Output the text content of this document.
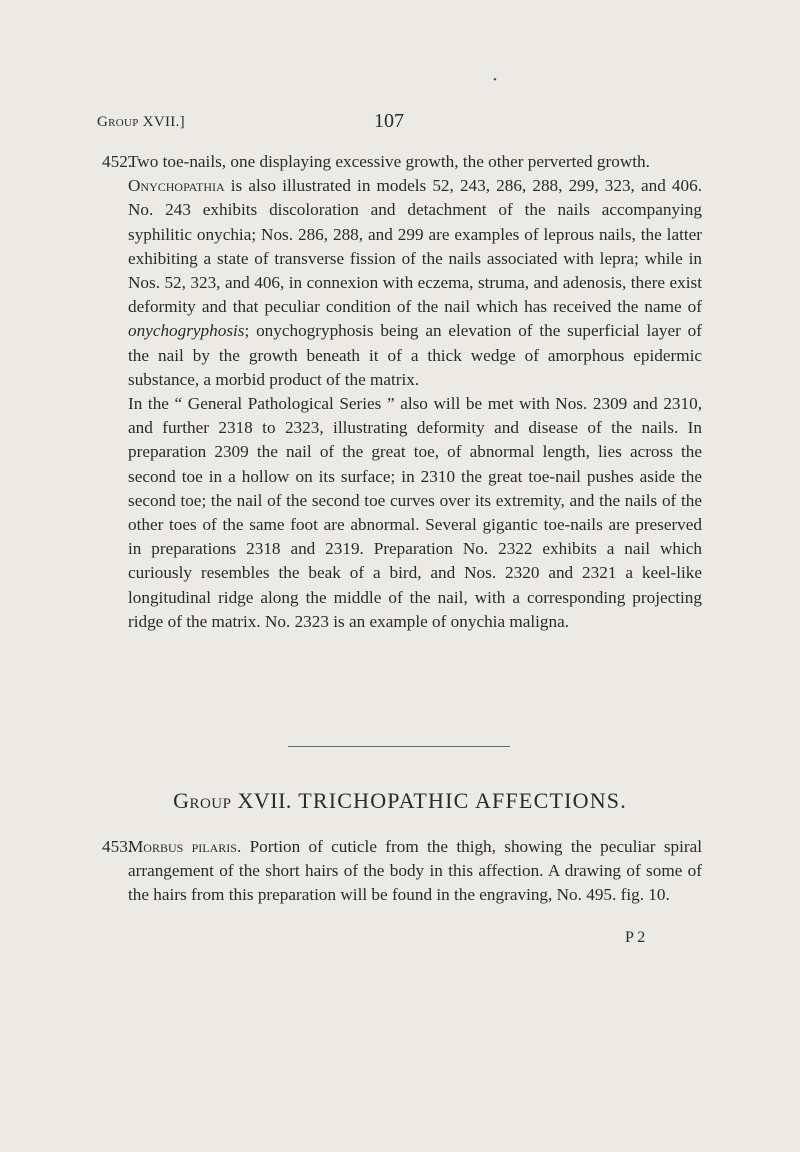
•
Group XVII.]	107

452.Two toe-nails, one displaying excessive growth, the other perverted growth.

Onychopathia is also illustrated in models 52, 243, 286, 288, 299, 323, and 406. No. 243 exhibits discoloration and detachment of the nails accompanying syphilitic onychia; Nos. 286, 288, and 299 are examples of leprous nails, the latter exhibiting a state of transverse fission of the nails associated with lepra; while in Nos. 52, 323, and 406, in connexion with eczema, struma, and adenosis, there exist deformity and that peculiar condition of the nail which has received the name of onychogryphosis; onychogryphosis being an elevation of the superficial layer of the nail by the growth beneath it of a thick wedge of amorphous epidermic substance, a morbid product of the matrix.

In the “ General Pathological Series ” also will be met with Nos. 2309 and 2310, and further 2318 to 2323, illustrating deformity and disease of the nails. In preparation 2309 the nail of the great toe, of abnormal length, lies across the second toe in a hollow on its surface; in 2310 the great toe-nail pushes aside the second toe; the nail of the second toe curves over its extremity, and the nails of the other toes of the same foot are abnormal. Several gigantic toe-nails are preserved in preparations 2318 and 2319. Preparation No. 2322 exhibits a nail which curiously resembles the beak of a bird, and Nos. 2320 and 2321 a keel-like longitudinal ridge along the middle of the nail, with a corresponding projecting ridge of the matrix. No. 2323 is an example of onychia maligna.

Group XVII. TRICHOPATHIC AFFECTIONS.

453.Morbus pilaris. Portion of cuticle from the thigh, showing the peculiar spiral arrangement of the short hairs of the body in this affection. A drawing of some of the hairs from this preparation will be found in the engraving, No. 495. fig. 10.

P 2
